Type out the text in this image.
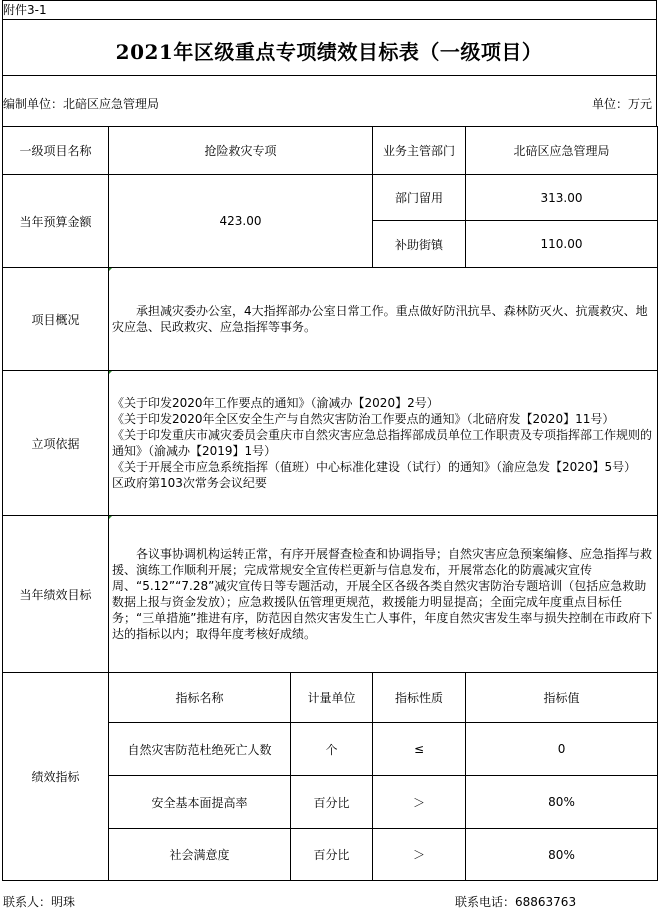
附件3-1
2021年区级重点专项绩效目标表（一级项目）
编制单位：北碚区应急管理局	单位：万元
一级项目名称	抢险救灾专项		业务主管部门	北碚区应急管理局
当年预算金额	423.00		部门留用	313.00
			补助街镇	110.00
项目概况	承担减灾委办公室，4大指挥部办公室日常工作。重点做好防汛抗旱、森林防灭火、抗震救灾、地灾应急、民政救灾、应急指挥等事务。			
立项依据	《关于印发2020年工作要点的通知》（渝减办【2020】2号）
《关于印发2020年全区安全生产与自然灾害防治工作要点的通知》（北碚府发【2020】11号）
《关于印发重庆市减灾委员会重庆市自然灾害应急总指挥部成员单位工作职责及专项指挥部工作规则的通知》（渝减办【2019】1号）
《关于开展全市应急系统指挥（值班）中心标准化建设（试行）的通知》（渝应急发【2020】5号）
区政府第103次常务会议纪要			

当年绩效目标	各议事协调机构运转正常，有序开展督查检查和协调指导；自然灾害应急预案编修、应急指挥与救援、演练工作顺利开展；完成常规安全宣传栏更新与信息发布，开展常态化的防震减灾宣传周、“5.12”“7.28”减灾宣传日等专题活动，开展全区各级各类自然灾害防治专题培训（包括应急救助数据上报与资金发放）；应急救援队伍管理更规范，救援能力明显提高；全面完成年度重点目标任务；“三单措施”推进有序，防范因自然灾害发生亡人事件，年度自然灾害发生率与损失控制在市政府下达的指标以内；取得年度考核好成绩。			
绩效指标	指标名称	计量单位	指标性质	指标值
	自然灾害防范杜绝死亡人数	个	≤	0
	安全基本面提高率	百分比	＞	80%
	社会满意度	百分比	＞	80%
联系人：明珠	联系电话：68863763
